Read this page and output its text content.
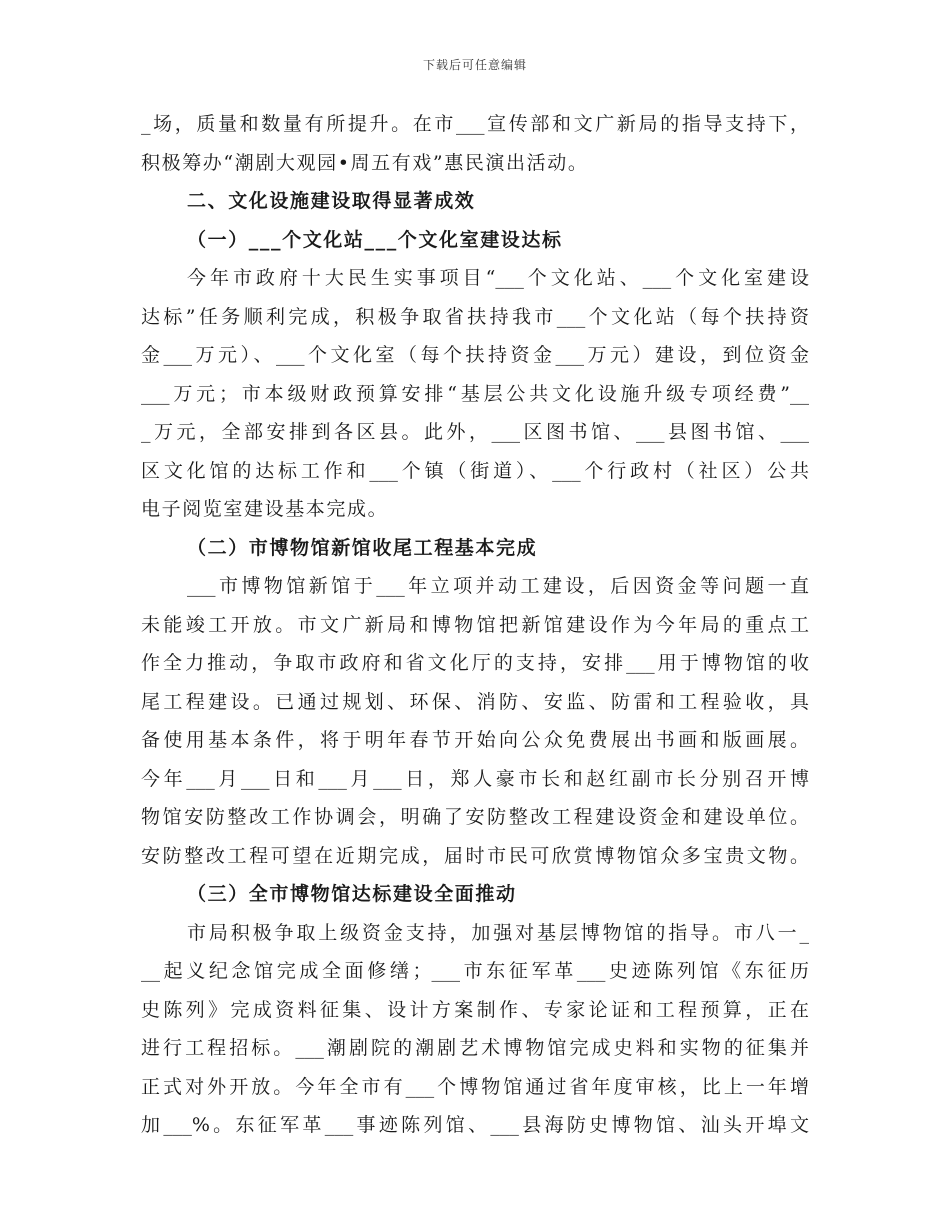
下载后可任意编辑
_场，质量和数量有所提升。在市___宣传部和文广新局的指导支持下，
积极筹办“潮剧大观园•周五有戏”惠民演出活动。
二、文化设施建设取得显著成效
（一）___个文化站___个文化室建设达标
今年市政府十大民生实事项目“___个文化站、___个文化室建设
达标”任务顺利完成，积极争取省扶持我市___个文化站（每个扶持资
金___万元）、___个文化室（每个扶持资金___万元）建设，到位资金
___万元；市本级财政预算安排“基层公共文化设施升级专项经费”__
_万元，全部安排到各区县。此外，___区图书馆、___县图书馆、___
区文化馆的达标工作和___个镇（街道）、___个行政村（社区）公共
电子阅览室建设基本完成。
（二）市博物馆新馆收尾工程基本完成
___市博物馆新馆于___年立项并动工建设，后因资金等问题一直
未能竣工开放。市文广新局和博物馆把新馆建设作为今年局的重点工
作全力推动，争取市政府和省文化厅的支持，安排___用于博物馆的收
尾工程建设。已通过规划、环保、消防、安监、防雷和工程验收，具
备使用基本条件，将于明年春节开始向公众免费展出书画和版画展。
今年___月___日和___月___日，郑人豪市长和赵红副市长分别召开博
物馆安防整改工作协调会，明确了安防整改工程建设资金和建设单位。
安防整改工程可望在近期完成，届时市民可欣赏博物馆众多宝贵文物。
（三）全市博物馆达标建设全面推动
市局积极争取上级资金支持，加强对基层博物馆的指导。市八一_
__起义纪念馆完成全面修缮；___市东征军革___史迹陈列馆《东征历
史陈列》完成资料征集、设计方案制作、专家论证和工程预算，正在
进行工程招标。___潮剧院的潮剧艺术博物馆完成史料和实物的征集并
正式对外开放。今年全市有___个博物馆通过省年度审核，比上一年增
加___%。东征军革___事迹陈列馆、___县海防史博物馆、汕头开埠文
